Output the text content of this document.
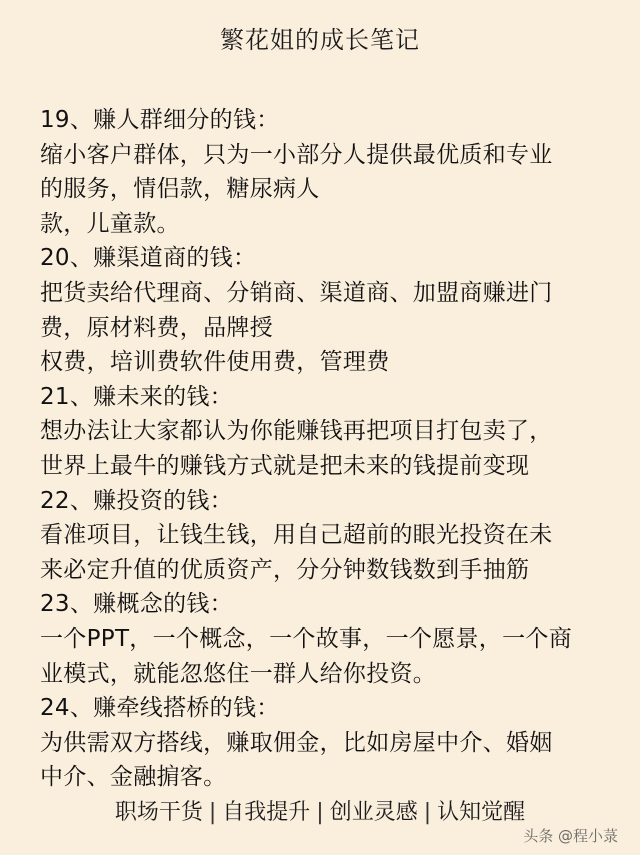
繁花姐的成长笔记
19、赚人群细分的钱：
缩小客户群体，只为一小部分人提供最优质和专业
的服务，情侣款，糖尿病人
款，儿童款。
20、赚渠道商的钱：
把货卖给代理商、分销商、渠道商、加盟商赚进门
费，原材料费，品牌授
权费，培训费软件使用费，管理费
21、赚未来的钱：
想办法让大家都认为你能赚钱再把项目打包卖了，
世界上最牛的赚钱方式就是把未来的钱提前变现
22、赚投资的钱：
看准项目，让钱生钱，用自己超前的眼光投资在未
来必定升值的优质资产，分分钟数钱数到手抽筋
23、赚概念的钱：
一个PPT，一个概念，一个故事，一个愿景，一个商
业模式，就能忽悠住一群人给你投资。
24、赚牵线搭桥的钱：
为供需双方搭线，赚取佣金，比如房屋中介、婚姻
中介、金融掮客。
职场干货 | 自我提升 | 创业灵感 | 认知觉醒
头条 @程小菉
